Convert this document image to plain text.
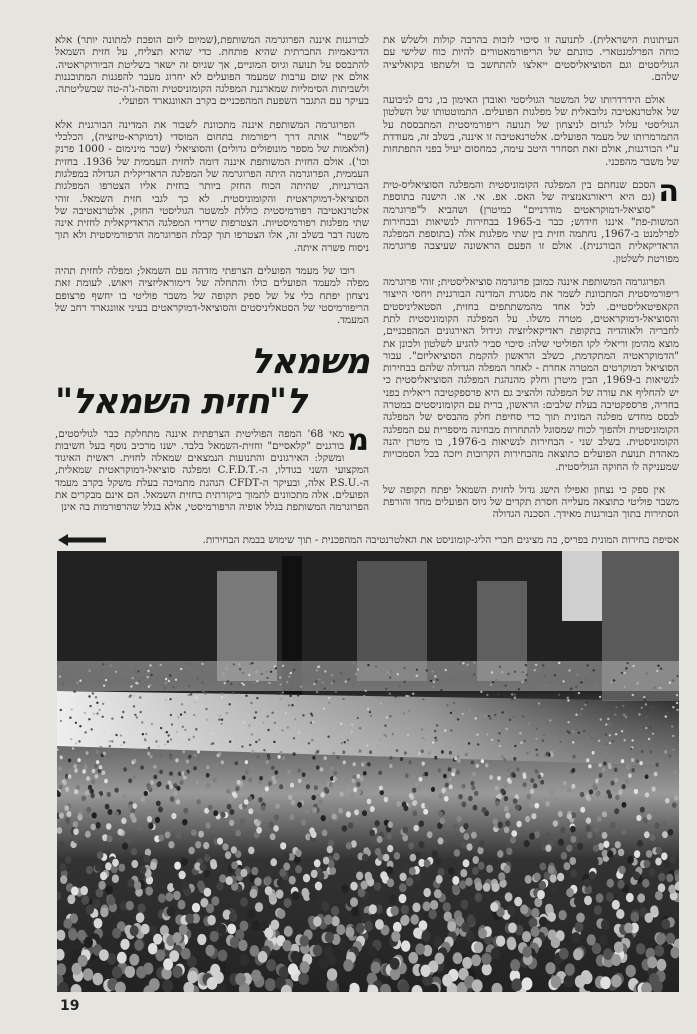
העיתונות הישראלית). לתנועה זו סיכוי לזכות בהרבה קולות ולשלש את כוחה הפרלמנטארי. כוונתם של הריפורמאטורים להיות כוח שלישי עם הגוליסטים וגם הסוציאליסטים ייאלצו להתחשב בו ולשתפו בקואליציה שלהם.

אולם הידרדרותו של המשטר הגוליסטי ואובדן האימון בו, גרם לניבועה של אלטרנאטיבה גלובאלית של מפלגות הפועלים. התמוטטותו של השלטון הגוליסטי עלול לגרום לניצחון של תנועה ריפורמיסטית המתבססת על התמרמרותו של מעמד הפועלים. אלטרנאטיבה זו איננה, בשלב זה, מעודדת ע"י הבורגנות, אולם זאת תסחרר היטב עימה, כמחסום יעיל בפני התפתחות של משבר מהפכני.

ה
הסכם שנחתם בין המפלגה הקומוניסטית והמפלגה הסוציאליס-טית (גם היא ריאורגאנזציה של האס. אפ. אי. או. הישנה בתוספת "סוציאל-דמוקראטים מודרניים" כמיטרן) ושהביא ל"פרוגרמה המשות-פת" איננו חידוש; כבר ב-1965 בבחירות לנשיאות ובבחירות לפרלמנט ב-1967, נחתמה חזית בין שתי מפלגות אלה (בתוספת המפלגה הראדיקאלית הבורגנית). אולם זו הפעם הראשונה שעיצבה פרוגרמה מפורטת לשלטון.

הפרוגרמה המשותפת איננה כמובן פרוגרמה סוציאליסטית; זוהי פרוגרמה ריפורמיסטית המתכוונת לשמר את מסגרת המדינה הבורגנית ויחסי הייצור הקאפיטאליסטיים. לכל אחד מהמשתתפים בחזית, הסטאליניסטים והסוציאל-דמוקראטים, מטרה משלו. על המפלגה הקומוניסטית לתת לחבריה ולאוהדיה בתקופת ראדיקאליזציה וגידול האירגונים המהפכניים, מוצא מהימן וריאלי לקו הפוליטי שלה: סיכוי סביר להגיע לשלטון ולכונן את "הדמוקראטיה המתקדמת, כשלב הראשון להקמת הסוציאליזם". עבור הסוציאל דמוקרטים המטרה אחרת - לאחר המפלה הגדולה שלהם בבחירות לנשיאות ב-1969, הבין מיטרן וחלק מהנהגת המפלגה הסוציאליסטית כי יש להחליף את עורה של המפלגה ולהציב גם היא פרספקטיבה ריאלית בפני בחריה, פרספקטיבה בעלת שלבים: הראשון, ברית עם הקומוניסטים במטרה לבסס מחדש מפלגה המונית תוך כדי סחיפת חלק מהבסיס של המפלגה הקומוניסטית ולהפוך לכוח שמסוגל להתחרות מבחינה מיספרית עם המפלגה הקומוניסטית. בשלב שני - הבחירות לנשיאות ב-1976, בו מיטרן יהנה מאהדת תנועת הפועלים כתוצאה מהבחירות הקרובות ויזכה בכל הסמכויות שמעניקה לו החוקה הגוליסטית.

אין ספק כי נצחון ואפילו הישג גדול לחזית השמאל יפתח תקופה של משבר פוליטי כתוצאה מעלייה חסרת תקדים של גיוס הפועלים מחד והורפת הסתירות בתוך הבורגנות מאידך. הסכנה הגדולה

לבורגנות איננה הפרוגרמה המשותפת,(שמיום ליום הופכת למתונה יותר) אלא הדינאמיות החברתית שהיא פותחת. כדי שהיא תצליח, על חזית השמאל להתבסס על תנועה וגיוס המוניים, אך שגיוס זה ישאר בשליטת הביורוקראטיה. אולם אין שום ערבות שמעמד הפועלים לא יחרוג מעבר להפגנות המתוכננות ולשביתות הסימליות שמארגנת המפלגה הקומוניסטית והסה-ג'ה-טה שבשליטתה. בעיקר עם התגבר השפעת המהפכניים בקרב האוונגארד הפועלי.

הפרוגרמה המשותפת איננה מתכוונת לשבור את המדינה הבורגנית אלא ל"שפר" אותה דרך ריפורמות בתחום המוסדי (דמוקרא-טיזציה), הכלכלי (הלאמות של מספר מונופולים גדולים) והסוציאלי (שכר מינימום - 1000 פרנק וכו'). אולם החזית המשותפת איננה דומה לחזית העממית של 1936. בחזית העממית, הפרוגרמה היתה הפרוגרמה של המפלגה הראדיקלית הגדולה במפלגות הבורגניות, שהיתה הכוח החזק ביותר בחזית אליו הצטרפו המפלגות הסוציאל-דמוקראטית והקומוניסטית. לא כך לגבי חזית השמאל. זוהי אלטרנאטיבה רפורמיסטית כוללת למשטר הגוליסטי החזק, אלטרנאטיבה של שתי מפלגות רפורמיסטיות. הצטרפות שרידי המפלגה הראדיקאלית לחזית אינה משנה דבר בשלב זה, אלו הצטרפו תוך קבלת הפרוגרמה הרפורמיסטית ולא תוך ניסוח פשרה איתה.

רובו של מעמד הפועלים הצרפתי מזדהה עם השמאל; ומפלה לחזית תהיה מפלה למעמד הפועלים כולו והתחלה של דימוראליזציה ויאוש. לעומת זאת ניצחון יפתח בלי צל של ספק תקופה של משבר פוליטי בו יחשף פרצופם הריפורמיסטי של הסטאליניסטים והסוציאל-דמוקראטים בעיני אוונגארד רחב של המעמד.

משמאל
ל"חזית השמאל"

מ
מאי 68' המפה הפוליטית הצרפתית איננה מתחלקת כבר לגוליסטים, בורגנים "קלאסיים" וחזית-השמאל בלבד. ישנו מרכיב נוסף בעל חשיבות ומשקל: האירגונים והתנועות הנמצאים שמאלה לחזית. ראשית האיגוד המקצועי השני בגודלו, ה-.C.F.D.T ומפלגה סוציאל-דמוקראטית שמאלית, ה-.P.S.U אלה, ובעיקר ה-CFDT הנהגת מתמיכה בעלת משקל בקרב מעמד הפועלים. אלה מתכוונים לתמוך ביקורתית בחזית השמאל. הם אינם מבקרים את הפרוגרמה המשותפת בגלל אופיה הרפורמיסטי, אלא בגלל שהרפורמות בה אינן

אסיפת בחירות המונית בפריס, בה מציגים חברי הליג-קומוניסט את האלטרנטיבה המהפכנית - תוך שימוש בבמת הבחירות.
19
